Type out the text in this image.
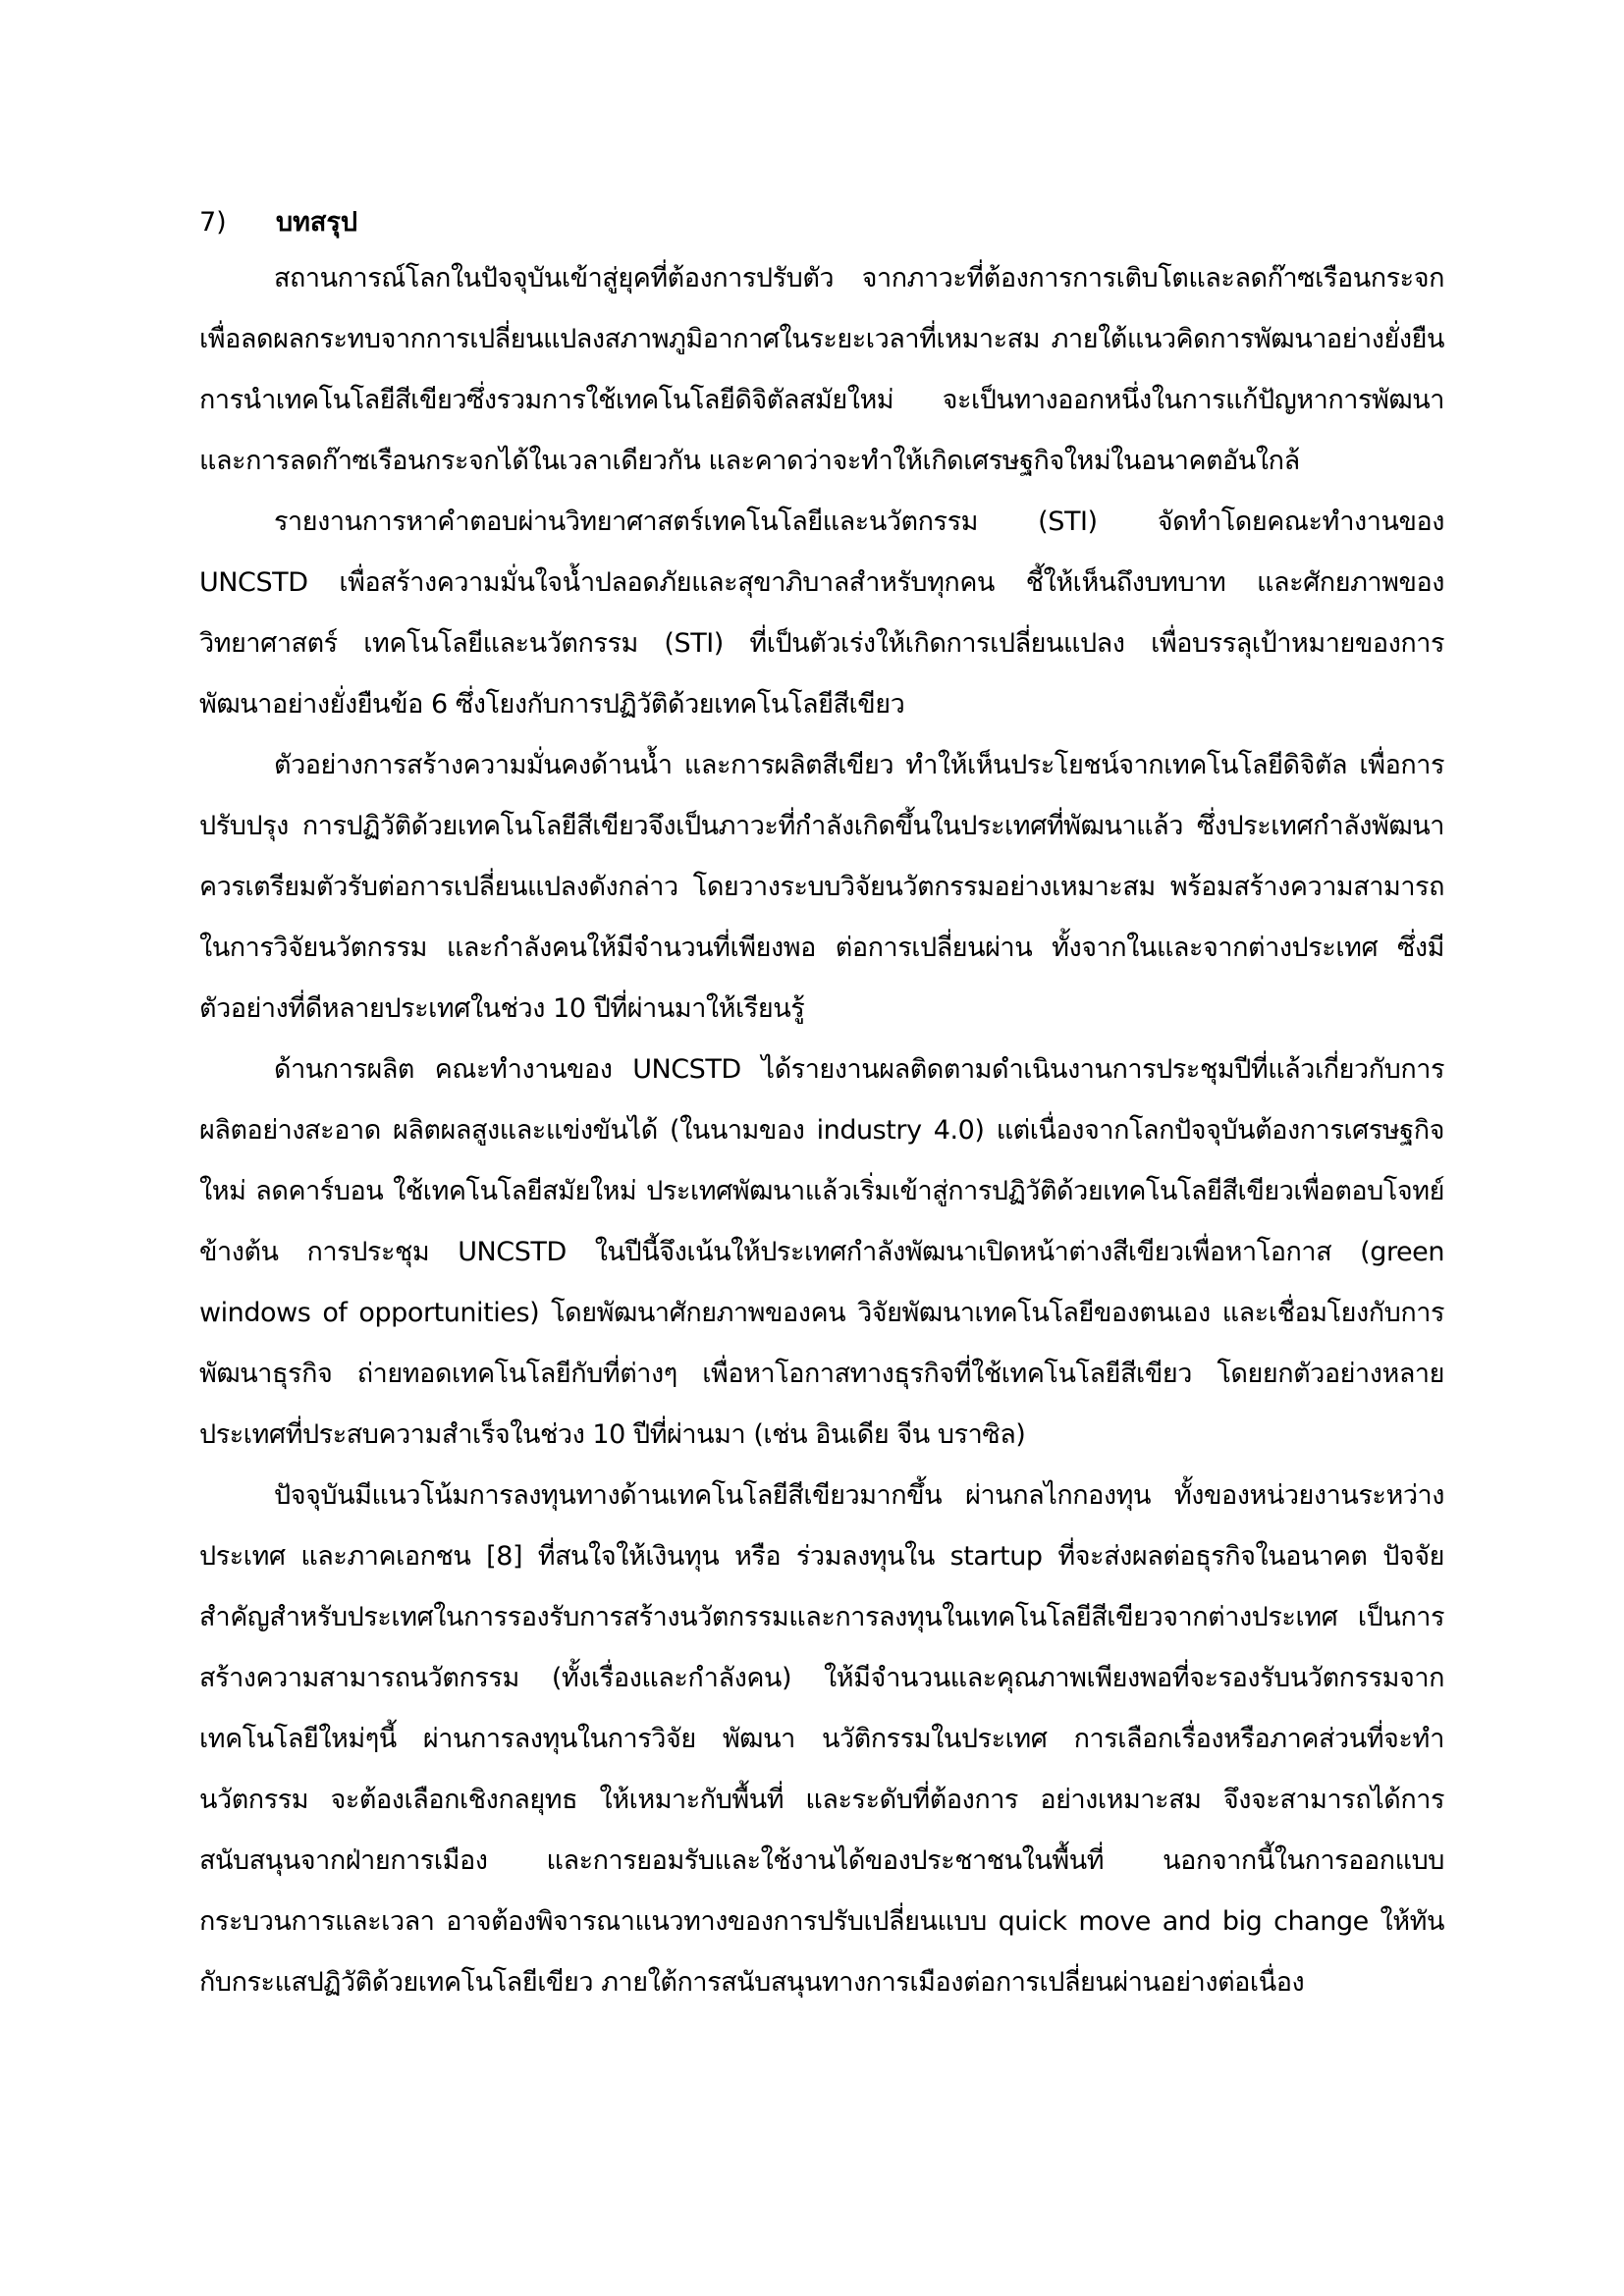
7)	บทสรุป

สถานการณ์โลกในปัจจุบันเข้าสู่ยุคที่ต้องการปรับตัว จากภาวะที่ต้องการการเติบโตและลดก๊าซเรือนกระจกเพื่อลดผลกระทบจากการเปลี่ยนแปลงสภาพภูมิอากาศในระยะเวลาที่เหมาะสม ภายใต้แนวคิดการพัฒนาอย่างยั่งยืน การนำเทคโนโลยีสีเขียวซึ่งรวมการใช้เทคโนโลยีดิจิตัลสมัยใหม่ จะเป็นทางออกหนึ่งในการแก้ปัญหาการพัฒนาและการลดก๊าซเรือนกระจกได้ในเวลาเดียวกัน และคาดว่าจะทำให้เกิดเศรษฐกิจใหม่ในอนาคตอันใกล้

รายงานการหาคำตอบผ่านวิทยาศาสตร์เทคโนโลยีและนวัตกรรม (STI) จัดทำโดยคณะทำงานของ UNCSTD เพื่อสร้างความมั่นใจน้ำปลอดภัยและสุขาภิบาลสำหรับทุกคน ชี้ให้เห็นถึงบทบาท และศักยภาพของวิทยาศาสตร์ เทคโนโลยีและนวัตกรรม (STI) ที่เป็นตัวเร่งให้เกิดการเปลี่ยนแปลง เพื่อบรรลุเป้าหมายของการพัฒนาอย่างยั่งยืนข้อ 6 ซึ่งโยงกับการปฏิวัติด้วยเทคโนโลยีสีเขียว

ตัวอย่างการสร้างความมั่นคงด้านน้ำ และการผลิตสีเขียว ทำให้เห็นประโยชน์จากเทคโนโลยีดิจิตัล เพื่อการปรับปรุง การปฏิวัติด้วยเทคโนโลยีสีเขียวจึงเป็นภาวะที่กำลังเกิดขึ้นในประเทศที่พัฒนาแล้ว ซึ่งประเทศกำลังพัฒนาควรเตรียมตัวรับต่อการเปลี่ยนแปลงดังกล่าว โดยวางระบบวิจัยนวัตกรรมอย่างเหมาะสม พร้อมสร้างความสามารถในการวิจัยนวัตกรรม และกำลังคนให้มีจำนวนที่เพียงพอ ต่อการเปลี่ยนผ่าน ทั้งจากในและจากต่างประเทศ ซึ่งมีตัวอย่างที่ดีหลายประเทศในช่วง 10 ปีที่ผ่านมาให้เรียนรู้

ด้านการผลิต คณะทำงานของ UNCSTD ได้รายงานผลติดตามดำเนินงานการประชุมปีที่แล้วเกี่ยวกับการผลิตอย่างสะอาด ผลิตผลสูงและแข่งขันได้ (ในนามของ industry 4.0) แต่เนื่องจากโลกปัจจุบันต้องการเศรษฐกิจใหม่ ลดคาร์บอน ใช้เทคโนโลยีสมัยใหม่ ประเทศพัฒนาแล้วเริ่มเข้าสู่การปฏิวัติด้วยเทคโนโลยีสีเขียวเพื่อตอบโจทย์ข้างต้น การประชุม UNCSTD ในปีนี้จึงเน้นให้ประเทศกำลังพัฒนาเปิดหน้าต่างสีเขียวเพื่อหาโอกาส (green windows of opportunities) โดยพัฒนาศักยภาพของคน วิจัยพัฒนาเทคโนโลยีของตนเอง และเชื่อมโยงกับการพัฒนาธุรกิจ ถ่ายทอดเทคโนโลยีกับที่ต่างๆ เพื่อหาโอกาสทางธุรกิจที่ใช้เทคโนโลยีสีเขียว โดยยกตัวอย่างหลายประเทศที่ประสบความสำเร็จในช่วง 10 ปีที่ผ่านมา (เช่น อินเดีย จีน บราซิล)

ปัจจุบันมีแนวโน้มการลงทุนทางด้านเทคโนโลยีสีเขียวมากขึ้น ผ่านกลไกกองทุน ทั้งของหน่วยงานระหว่างประเทศ และภาคเอกชน [8] ที่สนใจให้เงินทุน หรือ ร่วมลงทุนใน startup ที่จะส่งผลต่อธุรกิจในอนาคต ปัจจัยสำคัญสำหรับประเทศในการรองรับการสร้างนวัตกรรมและการลงทุนในเทคโนโลยีสีเขียวจากต่างประเทศ เป็นการสร้างความสามารถนวัตกรรม (ทั้งเรื่องและกำลังคน) ให้มีจำนวนและคุณภาพเพียงพอที่จะรองรับนวัตกรรมจากเทคโนโลยีใหม่ๆนี้ ผ่านการลงทุนในการวิจัย พัฒนา นวัติกรรมในประเทศ การเลือกเรื่องหรือภาคส่วนที่จะทำนวัตกรรม จะต้องเลือกเชิงกลยุทธ ให้เหมาะกับพื้นที่ และระดับที่ต้องการ อย่างเหมาะสม จึงจะสามารถได้การสนับสนุนจากฝ่ายการเมือง และการยอมรับและใช้งานได้ของประชาชนในพื้นที่ นอกจากนี้ในการออกแบบกระบวนการและเวลา อาจต้องพิจารณาแนวทางของการปรับเปลี่ยนแบบ quick move and big change ให้ทันกับกระแสปฏิวัติด้วยเทคโนโลยีเขียว ภายใต้การสนับสนุนทางการเมืองต่อการเปลี่ยนผ่านอย่างต่อเนื่อง
